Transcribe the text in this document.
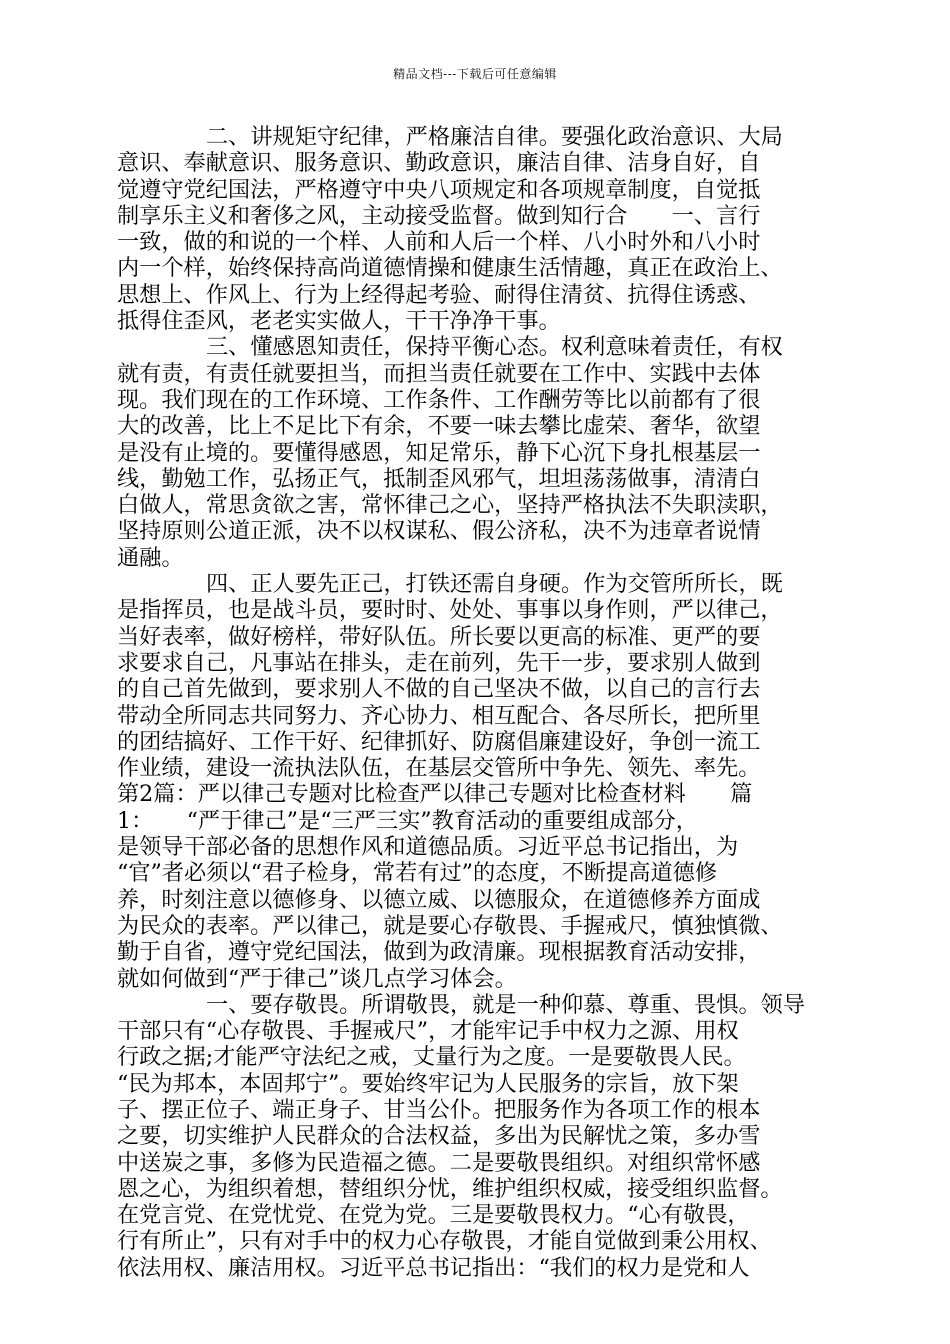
精品文档---下载后可任意编辑
二、讲规矩守纪律，严格廉洁自律。要强化政治意识、大局
意识、奉献意识、服务意识、勤政意识，廉洁自律、洁身自好，自
觉遵守党纪国法，严格遵守中央八项规定和各项规章制度，自觉抵
制享乐主义和奢侈之风，主动接受监督。做到知行合　　一、言行
一致，做的和说的一个样、人前和人后一个样、八小时外和八小时
内一个样，始终保持高尚道德情操和健康生活情趣，真正在政治上、
思想上、作风上、行为上经得起考验、耐得住清贫、抗得住诱惑、
抵得住歪风，老老实实做人，干干净净干事。
三、懂感恩知责任，保持平衡心态。权利意味着责任，有权
就有责，有责任就要担当，而担当责任就要在工作中、实践中去体
现。我们现在的工作环境、工作条件、工作酬劳等比以前都有了很
大的改善，比上不足比下有余，不要一味去攀比虚荣、奢华，欲望
是没有止境的。要懂得感恩，知足常乐，静下心沉下身扎根基层一
线，勤勉工作，弘扬正气，抵制歪风邪气，坦坦荡荡做事，清清白
白做人，常思贪欲之害，常怀律己之心，坚持严格执法不失职渎职，
坚持原则公道正派，决不以权谋私、假公济私，决不为违章者说情
通融。
四、正人要先正己，打铁还需自身硬。作为交管所所长，既
是指挥员，也是战斗员，要时时、处处、事事以身作则，严以律己，
当好表率，做好榜样，带好队伍。所长要以更高的标准、更严的要
求要求自己，凡事站在排头，走在前列，先干一步，要求别人做到
的自己首先做到，要求别人不做的自己坚决不做，以自己的言行去
带动全所同志共同努力、齐心协力、相互配合、各尽所长，把所里
的团结搞好、工作干好、纪律抓好、防腐倡廉建设好，争创一流工
作业绩，建设一流执法队伍，在基层交管所中争先、领先、率先。
第2篇：严以律己专题对比检查严以律己专题对比检查材料　　篇
1：　　“严于律己”是“三严三实”教育活动的重要组成部分，
是领导干部必备的思想作风和道德品质。习近平总书记指出，为
“官”者必须以“君子检身，常若有过”的态度，不断提高道德修
养，时刻注意以德修身、以德立威、以德服众，在道德修养方面成
为民众的表率。严以律己，就是要心存敬畏、手握戒尺，慎独慎微、
勤于自省，遵守党纪国法，做到为政清廉。现根据教育活动安排，
就如何做到“严于律己”谈几点学习体会。
一、要存敬畏。所谓敬畏，就是一种仰慕、尊重、畏惧。领导
干部只有“心存敬畏、手握戒尺”，才能牢记手中权力之源、用权
行政之据;才能严守法纪之戒，丈量行为之度。一是要敬畏人民。
“民为邦本，本固邦宁”。要始终牢记为人民服务的宗旨，放下架
子、摆正位子、端正身子、甘当公仆。把服务作为各项工作的根本
之要，切实维护人民群众的合法权益，多出为民解忧之策，多办雪
中送炭之事，多修为民造福之德。二是要敬畏组织。对组织常怀感
恩之心，为组织着想，替组织分忧，维护组织权威，接受组织监督。
在党言党、在党忧党、在党为党。三是要敬畏权力。“心有敬畏，
行有所止”，只有对手中的权力心存敬畏，才能自觉做到秉公用权、
依法用权、廉洁用权。习近平总书记指出：“我们的权力是党和人
